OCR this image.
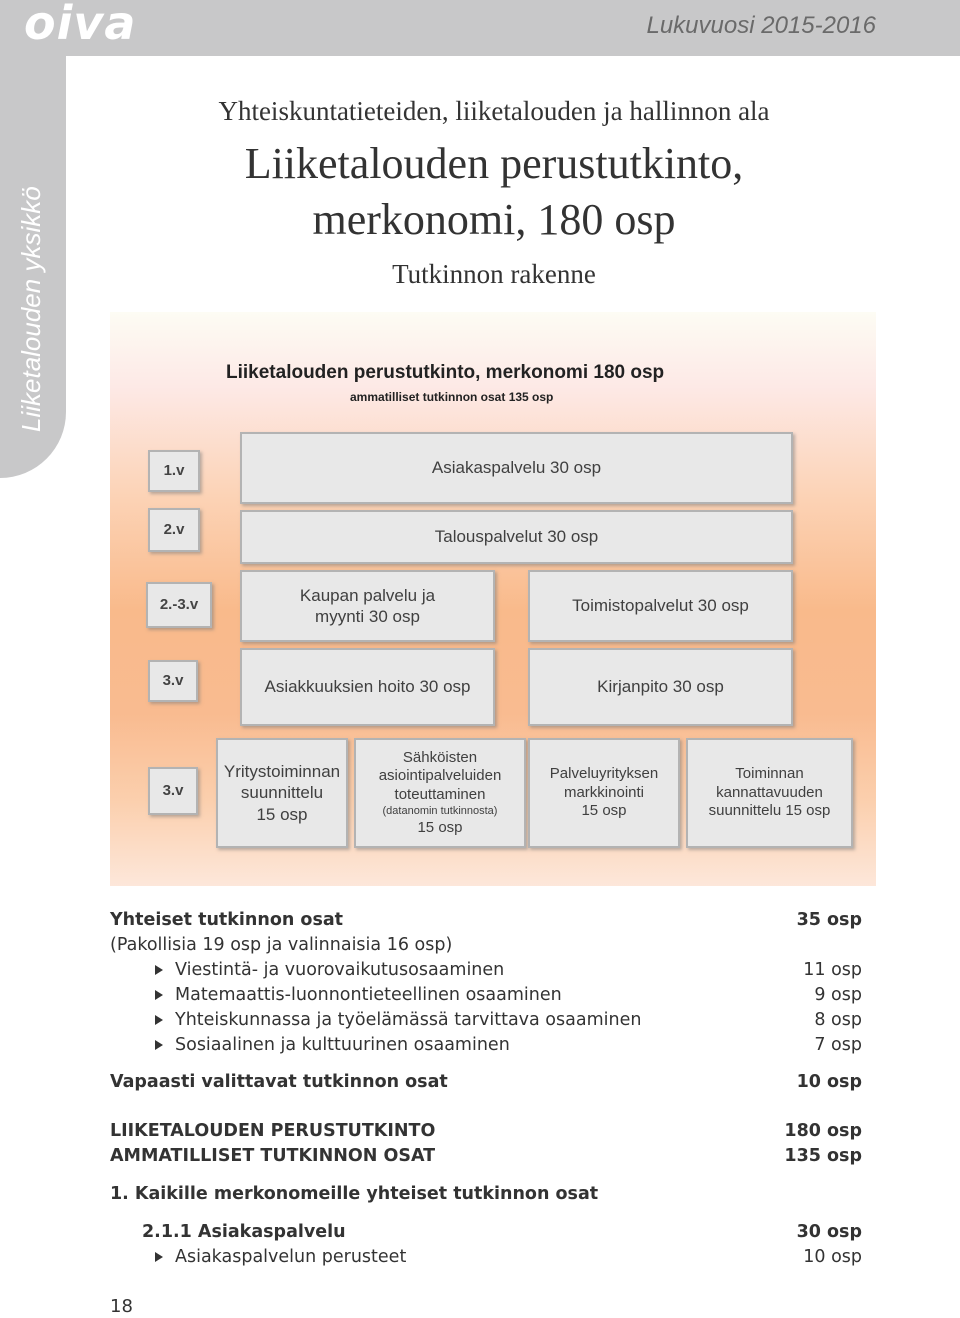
oiva	Lukuvuosi 2015-2016
Liiketalouden yksikkö
Yhteiskuntatieteiden, liiketalouden ja hallinnon ala
Liiketalouden perustutkinto,
merkonomi, 180 osp
Tutkinnon rakenne
Liiketalouden perustutkinto, merkonomi 180 osp
ammatilliset tutkinnon osat 135 osp
1.v
2.v
2.-3.v
3.v
3.v
Asiakaspalvelu 30 osp
Talouspalvelut 30 osp
Kaupan palvelu ja
myynti 30 osp
Toimistopalvelut 30 osp
Asiakkuuksien hoito 30 osp	Kirjanpito 30 osp
Yritystoiminnan
suunnittelu
15 osp
Sähköisten
asiointipalveluiden
toteuttaminen
(datanomin tutkinnosta)
15 osp
Palveluyrityksen
markkinointi
15 osp
Toiminnan
kannattavuuden
suunnittelu 15 osp
Yhteiset tutkinnon osat	35 osp
(Pakollisia 19 osp ja valinnaisia 16 osp)
Viestintä- ja vuorovaikutusosaaminen	11 osp
Matemaattis-luonnontieteellinen osaaminen	9 osp
Yhteiskunnassa ja työelämässä tarvittava osaaminen	8 osp
Sosiaalinen ja kulttuurinen osaaminen	7 osp
Vapaasti valittavat tutkinnon osat	10 osp
LIIKETALOUDEN PERUSTUTKINTO	180 osp
AMMATILLISET TUTKINNON OSAT	135 osp
1. Kaikille merkonomeille yhteiset tutkinnon osat
2.1.1 Asiakaspalvelu	30 osp
Asiakaspalvelun perusteet	10 osp
18
